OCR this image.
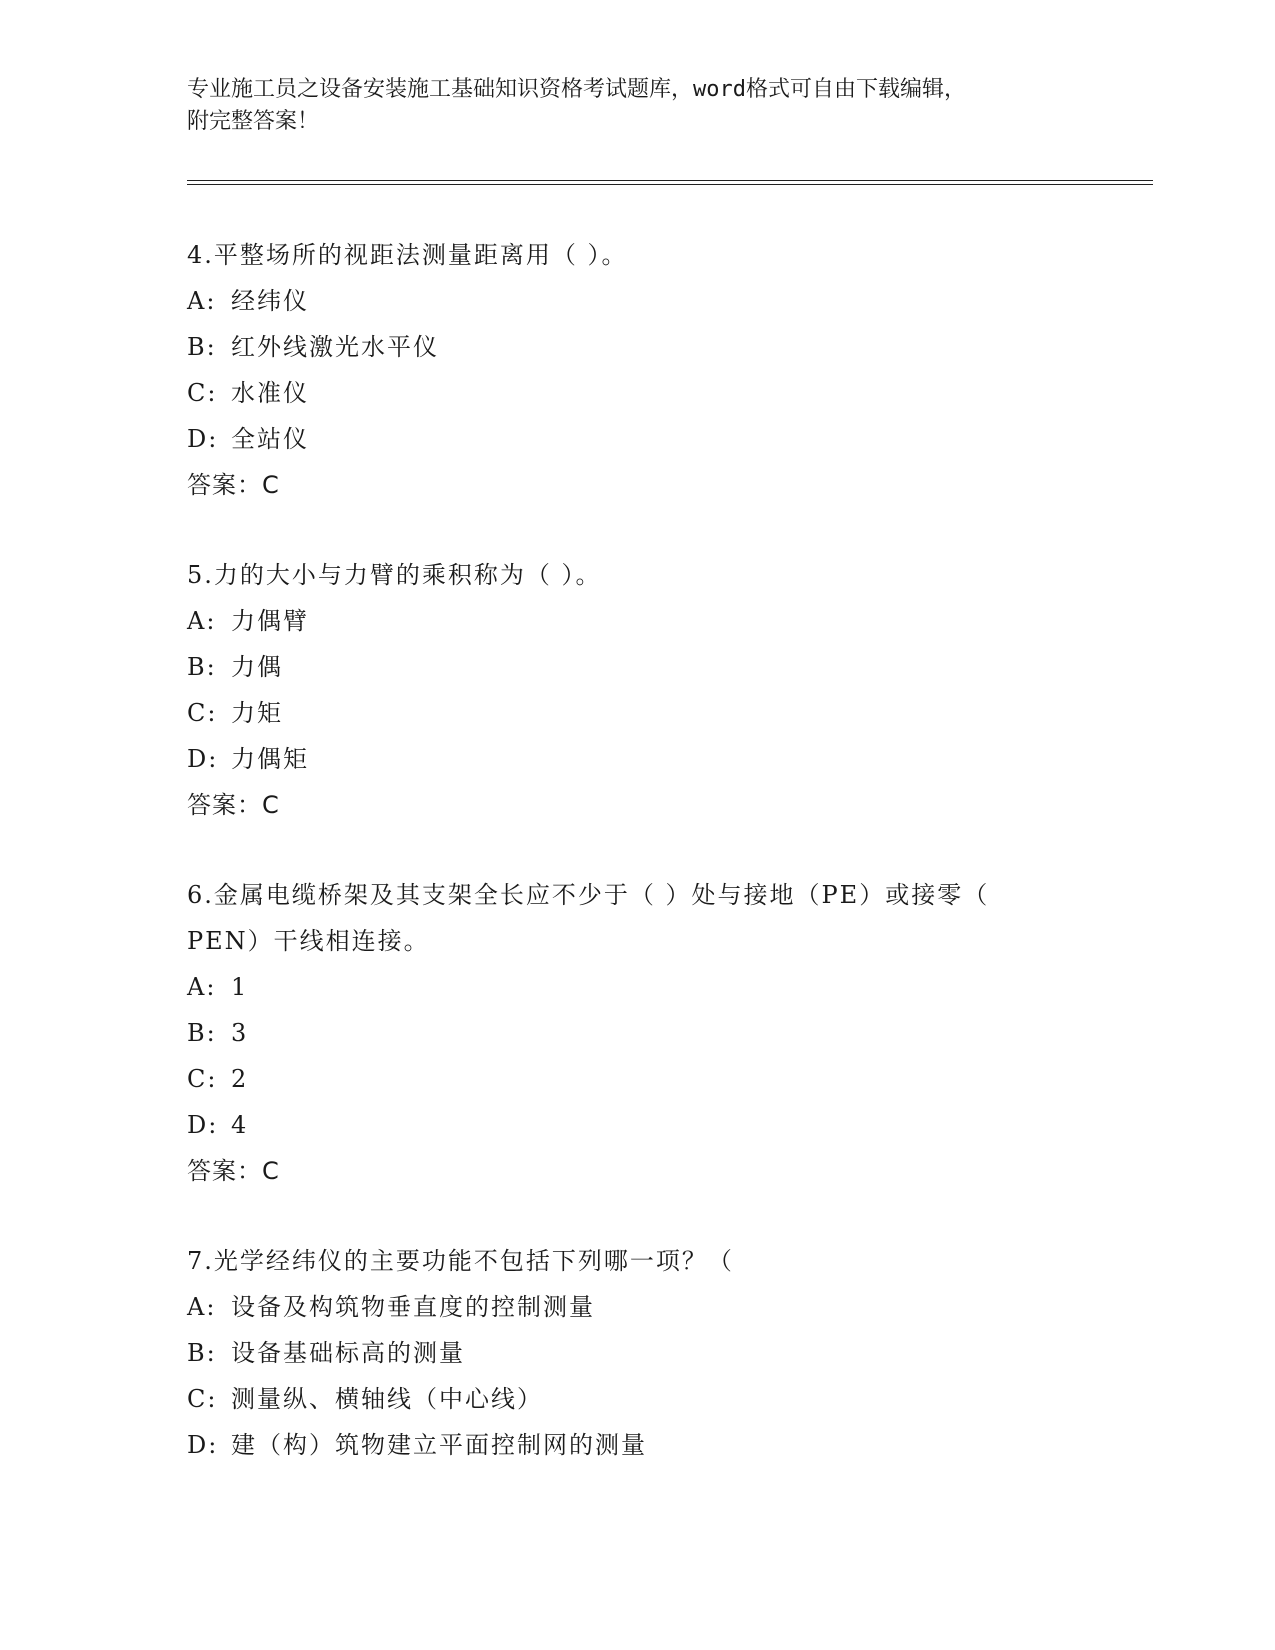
专业施工员之设备安装施工基础知识资格考试题库，word格式可自由下载编辑，
附完整答案！
4.平整场所的视距法测量距离用（ ）。
A: 经纬仪
B: 红外线激光水平仪
C: 水准仪
D: 全站仪
答案：C
5.力的大小与力臂的乘积称为（ ）。
A: 力偶臂
B: 力偶
C: 力矩
D: 力偶矩
答案：C
6.金属电缆桥架及其支架全长应不少于（ ）处与接地（PE）或接零（
PEN）干线相连接。
A: 1
B: 3
C: 2
D: 4
答案：C
7.光学经纬仪的主要功能不包括下列哪一项？（
A: 设备及构筑物垂直度的控制测量
B: 设备基础标高的测量
C: 测量纵、横轴线（中心线）
D: 建（构）筑物建立平面控制网的测量
